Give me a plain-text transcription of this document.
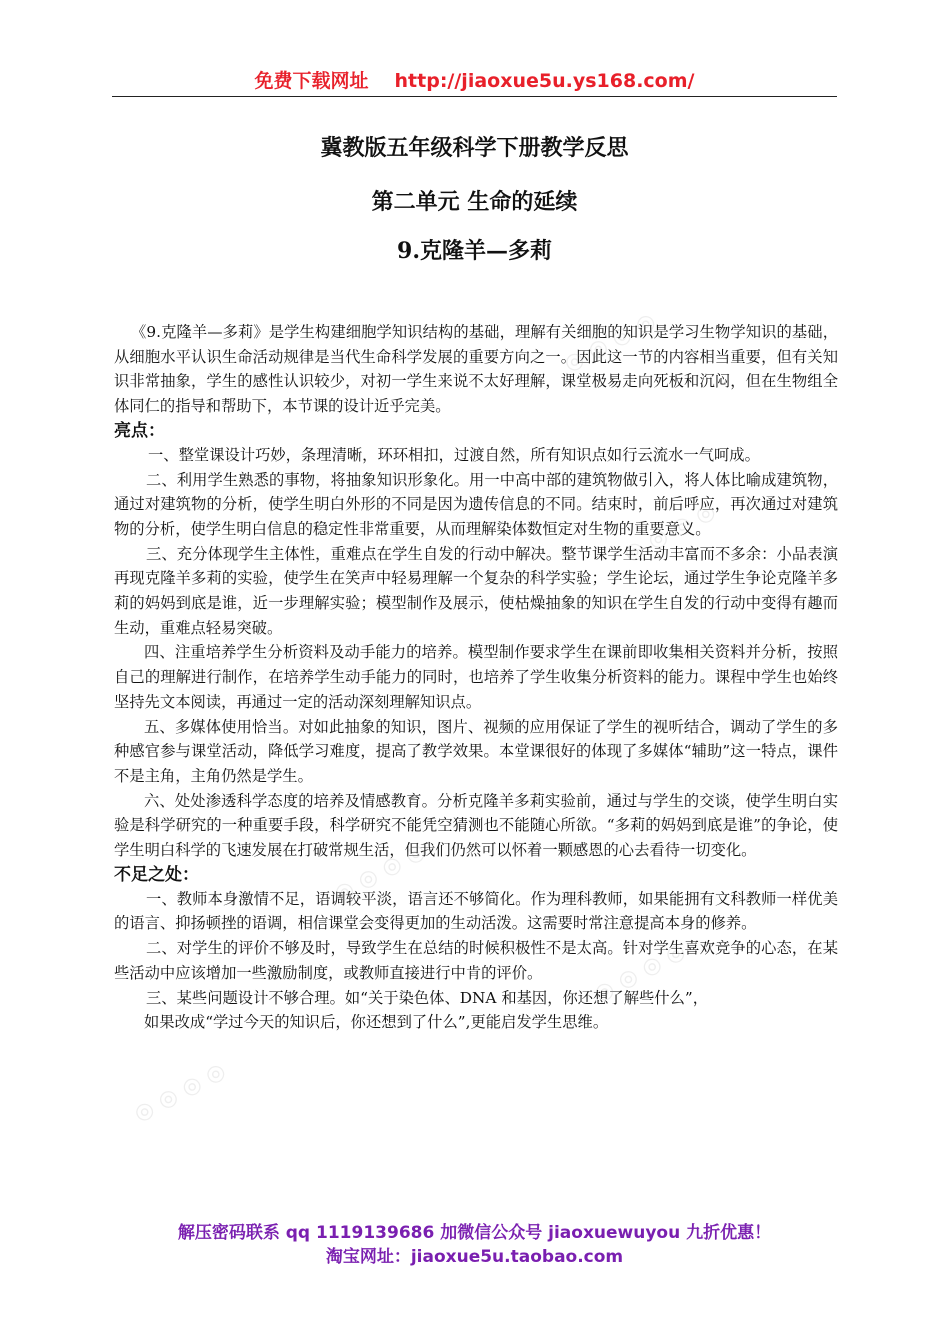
免费下载网址 http://jiaoxue5u.ys168.com/
冀教版五年级科学下册教学反思
第二单元 生命的延续
9.克隆羊—多莉

《9.克隆羊—多莉》是学生构建细胞学知识结构的基础，理解有关细胞的知识是学习生物学知识的基础，从细胞水平认识生命活动规律是当代生命科学发展的重要方向之一。因此这一节的内容相当重要，但有关知识非常抽象，学生的感性认识较少，对初一学生来说不太好理解，课堂极易走向死板和沉闷，但在生物组全体同仁的指导和帮助下，本节课的设计近乎完美。

亮点：

一、整堂课设计巧妙，条理清晰，环环相扣，过渡自然，所有知识点如行云流水一气呵成。

二、利用学生熟悉的事物，将抽象知识形象化。用一中高中部的建筑物做引入，将人体比喻成建筑物，通过对建筑物的分析，使学生明白外形的不同是因为遗传信息的不同。结束时，前后呼应，再次通过对建筑物的分析，使学生明白信息的稳定性非常重要，从而理解染体数恒定对生物的重要意义。

三、充分体现学生主体性，重难点在学生自发的行动中解决。整节课学生活动丰富而不多余：小品表演再现克隆羊多莉的实验，使学生在笑声中轻易理解一个复杂的科学实验；学生论坛，通过学生争论克隆羊多莉的妈妈到底是谁，近一步理解实验；模型制作及展示，使枯燥抽象的知识在学生自发的行动中变得有趣而生动，重难点轻易突破。

四、注重培养学生分析资料及动手能力的培养。模型制作要求学生在课前即收集相关资料并分析，按照自己的理解进行制作，在培养学生动手能力的同时，也培养了学生收集分析资料的能力。课程中学生也始终坚持先文本阅读，再通过一定的活动深刻理解知识点。

五、多媒体使用恰当。对如此抽象的知识，图片、视频的应用保证了学生的视听结合，调动了学生的多种感官参与课堂活动，降低学习难度，提高了教学效果。本堂课很好的体现了多媒体“辅助”这一特点，课件不是主角，主角仍然是学生。

六、处处渗透科学态度的培养及情感教育。分析克隆羊多莉实验前，通过与学生的交谈，使学生明白实验是科学研究的一种重要手段，科学研究不能凭空猜测也不能随心所欲。“多莉的妈妈到底是谁”的争论，使学生明白科学的飞速发展在打破常规生活，但我们仍然可以怀着一颗感恩的心去看待一切变化。

不足之处：

一、教师本身激情不足，语调较平淡，语言还不够简化。作为理科教师，如果能拥有文科教师一样优美的语言、抑扬顿挫的语调，相信课堂会变得更加的生动活泼。这需要时常注意提高本身的修养。

二、对学生的评价不够及时，导致学生在总结的时候积极性不是太高。针对学生喜欢竞争的心态，在某些活动中应该增加一些激励制度，或教师直接进行中肯的评价。

三、某些问题设计不够合理。如“关于染色体、DNA 和基因，你还想了解些什么”，

如果改成“学过今天的知识后，你还想到了什么”,更能启发学生思维。

解压密码联系 qq 1119139686 加微信公众号 jiaoxuewuyou 九折优惠！
淘宝网址：jiaoxue5u.taobao.com
◎ ◎ ◎ ◎
◎ ◎ ◎ ◎
◎ ◎ ◎ ◎
◎ ◎ ◎ ◎
◎ ◎ ◎ ◎
